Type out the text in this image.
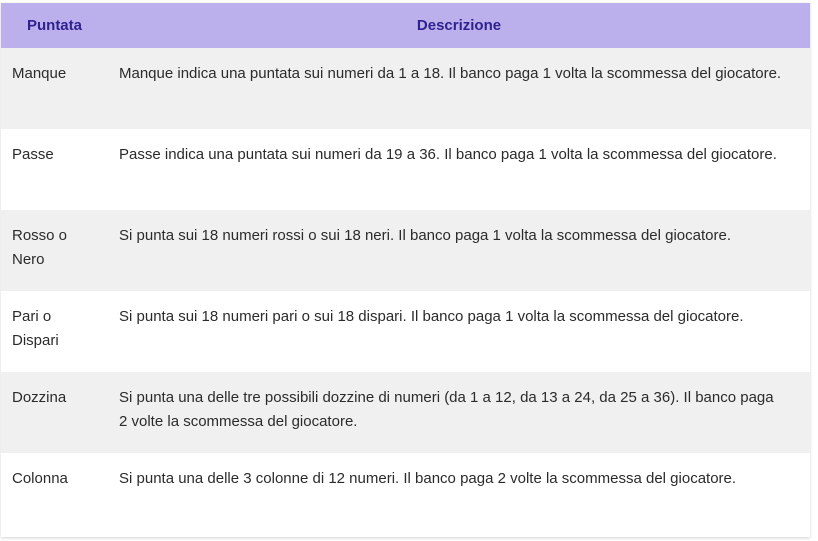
Puntata	Descrizione
Manque	Manque indica una puntata sui numeri da 1 a 18. Il banco paga 1 volta la scommessa del giocatore.
Passe	Passe indica una puntata sui numeri da 19 a 36. Il banco paga 1 volta la scommessa del giocatore.
Rosso o Nero	Si punta sui 18 numeri rossi o sui 18 neri. Il banco paga 1 volta la scommessa del giocatore.
Pari o Dispari	Si punta sui 18 numeri pari o sui 18 dispari. Il banco paga 1 volta la scommessa del giocatore.
Dozzina	Si punta una delle tre possibili dozzine di numeri (da 1 a 12, da 13 a 24, da 25 a 36). Il banco paga 2 volte la scommessa del giocatore.
Colonna	Si punta una delle 3 colonne di 12 numeri. Il banco paga 2 volte la scommessa del giocatore.
